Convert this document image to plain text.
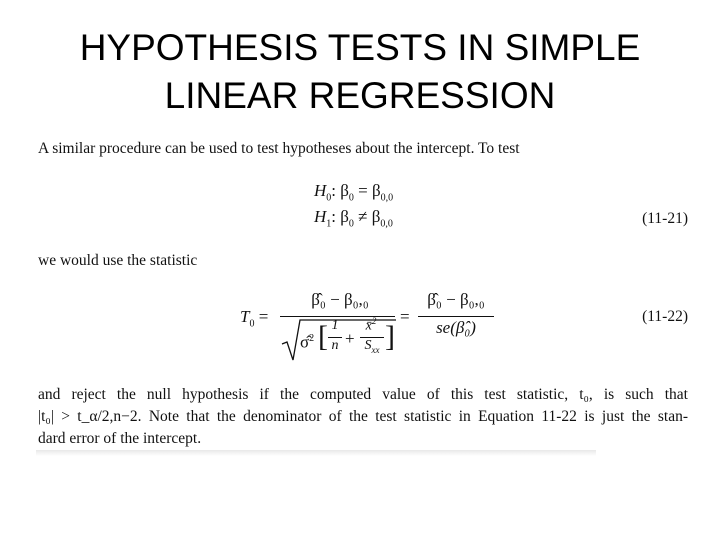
HYPOTHESIS TESTS IN SIMPLE
LINEAR REGRESSION
A similar procedure can be used to test hypotheses about the intercept. To test
$H_0$: $\beta_0 = \beta_{0,0}$
$H_1$: $\beta_0 \ne \beta_{0,0}$	(11-21)
we would use the statistic
$T_0$ =
β̂₀ − β₀,₀
σ̂$^2$ [ 1
n +
x̄$^2$
$S_{xx}$ ]
=
β̂₀ − β₀,₀
se(β̂₀)
(11-22)

and reject the null hypothesis if the computed value of this test statistic, t₀, is such that

|t₀| > t_α/2,n−2. Note that the denominator of the test statistic in Equation 11-22 is just the stan-

dard error of the intercept.
